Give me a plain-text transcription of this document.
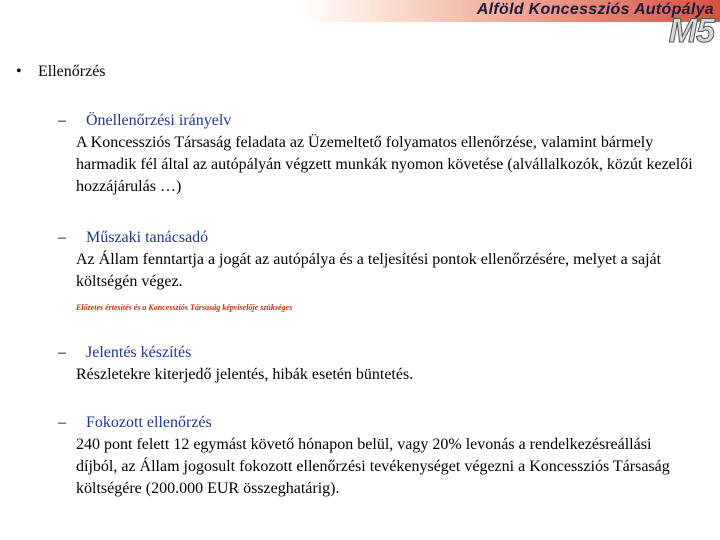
Alföld Koncessziós Autópálya
M5
• Ellenőrzés
– Önellenőrzési irányelv
A Koncessziós Társaság feladata az Üzemeltető folyamatos ellenőrzése, valamint bármely harmadik fél által az autópályán végzett munkák nyomon követése (alvállalkozók, közút kezelői hozzájárulás …)
– Műszaki tanácsadó
Az Állam fenntartja a jogát az autópálya és a teljesítési pontok ellenőrzésére, melyet a saját költségén végez.
Előzetes értesítés és a Koncessziós Társaság képviselője szükséges
– Jelentés készítés
Részletekre kiterjedő jelentés, hibák esetén büntetés.
– Fokozott ellenőrzés
240 pont felett 12 egymást követő hónapon belül, vagy 20% levonás a rendelkezésreállási díjból, az Állam jogosult fokozott ellenőrzési tevékenységet végezni a Koncessziós Társaság költségére (200.000 EUR összeghatárig).
